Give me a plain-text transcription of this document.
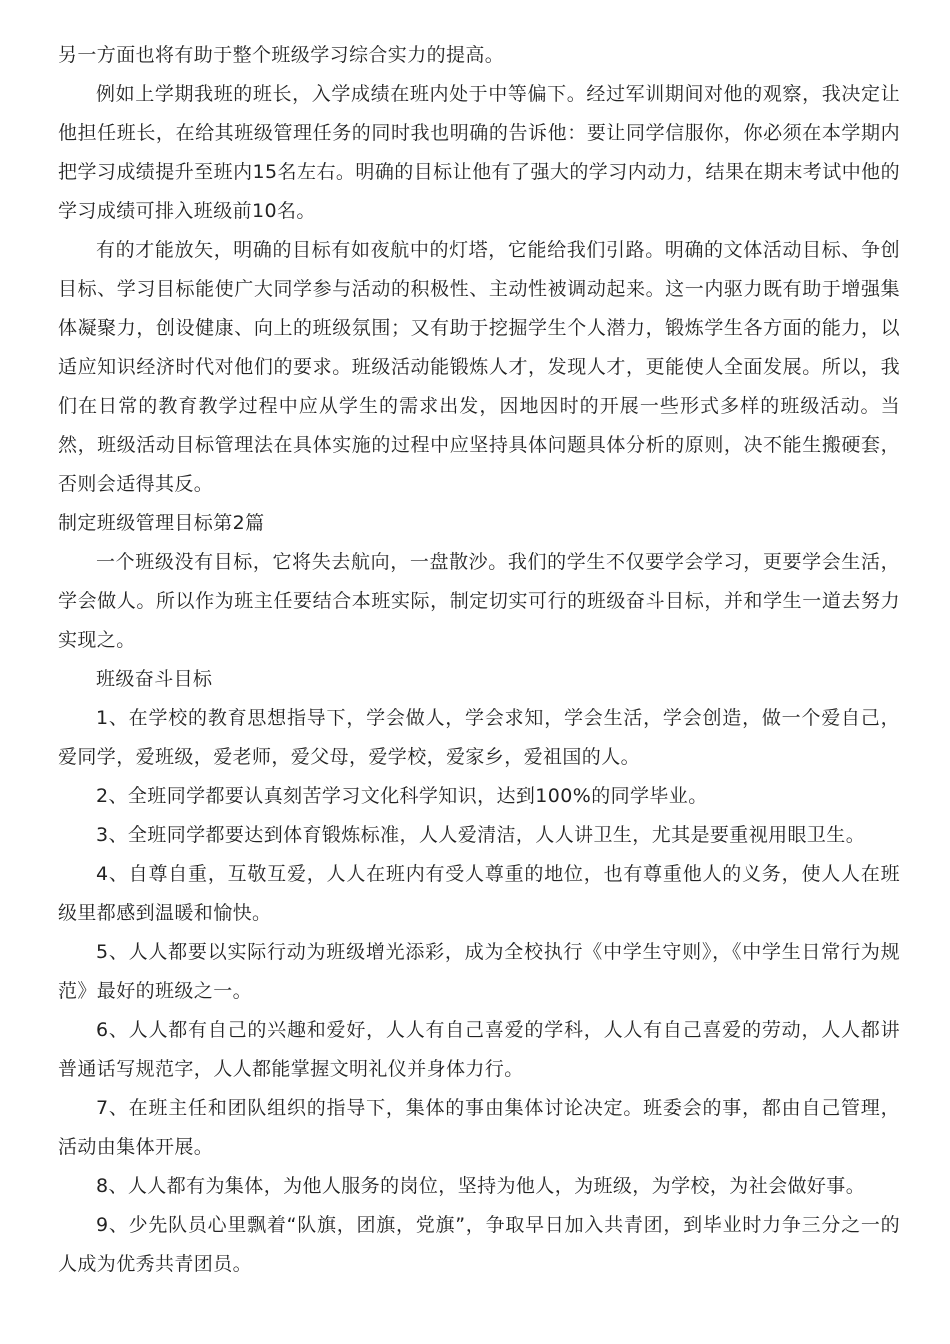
另一方面也将有助于整个班级学习综合实力的提高。

例如上学期我班的班长，入学成绩在班内处于中等偏下。经过军训期间对他的观察，我决定让他担任班长，在给其班级管理任务的同时我也明确的告诉他：要让同学信服你，你必须在本学期内把学习成绩提升至班内15名左右。明确的目标让他有了强大的学习内动力，结果在期末考试中他的学习成绩可排入班级前10名。

有的才能放矢，明确的目标有如夜航中的灯塔，它能给我们引路。明确的文体活动目标、争创目标、学习目标能使广大同学参与活动的积极性、主动性被调动起来。这一内驱力既有助于增强集体凝聚力，创设健康、向上的班级氛围；又有助于挖掘学生个人潜力，锻炼学生各方面的能力，以适应知识经济时代对他们的要求。班级活动能锻炼人才，发现人才，更能使人全面发展。所以，我们在日常的教育教学过程中应从学生的需求出发，因地因时的开展一些形式多样的班级活动。当然，班级活动目标管理法在具体实施的过程中应坚持具体问题具体分析的原则，决不能生搬硬套，否则会适得其反。

制定班级管理目标第2篇

一个班级没有目标，它将失去航向，一盘散沙。我们的学生不仅要学会学习，更要学会生活，学会做人。所以作为班主任要结合本班实际，制定切实可行的班级奋斗目标，并和学生一道去努力实现之。

班级奋斗目标

1、在学校的教育思想指导下，学会做人，学会求知，学会生活，学会创造，做一个爱自己，爱同学，爱班级，爱老师，爱父母，爱学校，爱家乡，爱祖国的人。

2、全班同学都要认真刻苦学习文化科学知识，达到100%的同学毕业。

3、全班同学都要达到体育锻炼标准，人人爱清洁，人人讲卫生，尤其是要重视用眼卫生。

4、自尊自重，互敬互爱，人人在班内有受人尊重的地位，也有尊重他人的义务，使人人在班级里都感到温暖和愉快。

5、人人都要以实际行动为班级增光添彩，成为全校执行《中学生守则》，《中学生日常行为规范》最好的班级之一。

6、人人都有自己的兴趣和爱好，人人有自己喜爱的学科，人人有自己喜爱的劳动，人人都讲普通话写规范字，人人都能掌握文明礼仪并身体力行。

7、在班主任和团队组织的指导下，集体的事由集体讨论决定。班委会的事，都由自己管理，活动由集体开展。

8、人人都有为集体，为他人服务的岗位，坚持为他人，为班级，为学校，为社会做好事。

9、少先队员心里飘着“队旗，团旗，党旗”，争取早日加入共青团，到毕业时力争三分之一的人成为优秀共青团员。
